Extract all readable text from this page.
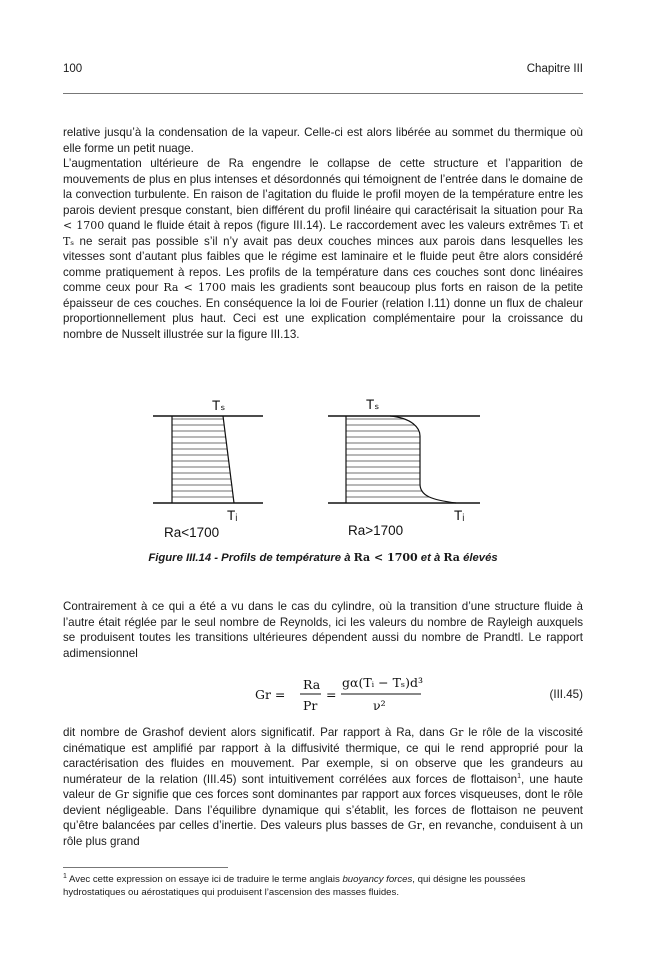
100	Chapitre III

relative jusqu’à la condensation de la vapeur. Celle-ci est alors libérée au sommet du thermique où elle forme un petit nuage.

L’augmentation ultérieure de Ra engendre le collapse de cette structure et l’apparition de mouvements de plus en plus intenses et désordonnés qui témoignent de l’entrée dans le domaine de la convection turbulente. En raison de l’agitation du fluide le profil moyen de la température entre les parois devient presque constant, bien différent du profil linéaire qui caractérisait la situation pour Ra < 1700 quand le fluide était à repos (figure III.14). Le raccordement avec les valeurs extrêmes Tᵢ et Tₛ ne serait pas possible s’il n’y avait pas deux couches minces aux parois dans lesquelles les vitesses sont d’autant plus faibles que le régime est laminaire et le fluide peut être alors considéré comme pratiquement à repos. Les profils de la température dans ces couches sont donc linéaires comme ceux pour Ra < 1700 mais les gradients sont beaucoup plus forts en raison de la petite épaisseur de ces couches. En conséquence la loi de Fourier (relation I.11) donne un flux de chaleur proportionnellement plus haut. Ceci est une explication complémentaire pour la croissance du nombre de Nusselt illustrée sur la figure III.13.

Tₛ
Tᵢ
Ra<1700
Tₛ
Tᵢ
Ra>1700
Figure III.14 - Profils de température à Ra < 1700 et à Ra élevés

Contrairement à ce qui a été a vu dans le cas du cylindre, où la transition d’une structure fluide à l’autre était réglée par le seul nombre de Reynolds, ici les valeurs du nombre de Rayleigh auxquels se produisent toutes les transitions ultérieures dépendent aussi du nombre de Prandtl. Le rapport adimensionnel

Gr =
Ra
Pr
=
gα(Tᵢ − Tₛ)d³
ν²
(III.45)

dit nombre de Grashof devient alors significatif. Par rapport à Ra, dans Gr le rôle de la viscosité cinématique est amplifié par rapport à la diffusivité thermique, ce qui le rend approprié pour la caractérisation des fluides en mouvement. Par exemple, si on observe que les grandeurs au numérateur de la relation (III.45) sont intuitivement corrélées aux forces de flottaison$^1$, une haute valeur de Gr signifie que ces forces sont dominantes par rapport aux forces visqueuses, dont le rôle devient négligeable. Dans l’équilibre dynamique qui s’établit, les forces de flottaison ne peuvent qu’être balancées par celles d’inertie. Des valeurs plus basses de Gr, en revanche, conduisent à un rôle plus grand

$^1$ Avec cette expression on essaye ici de traduire le terme anglais buoyancy forces, qui désigne les poussées hydrostatiques ou aérostatiques qui produisent l’ascension des masses fluides.
